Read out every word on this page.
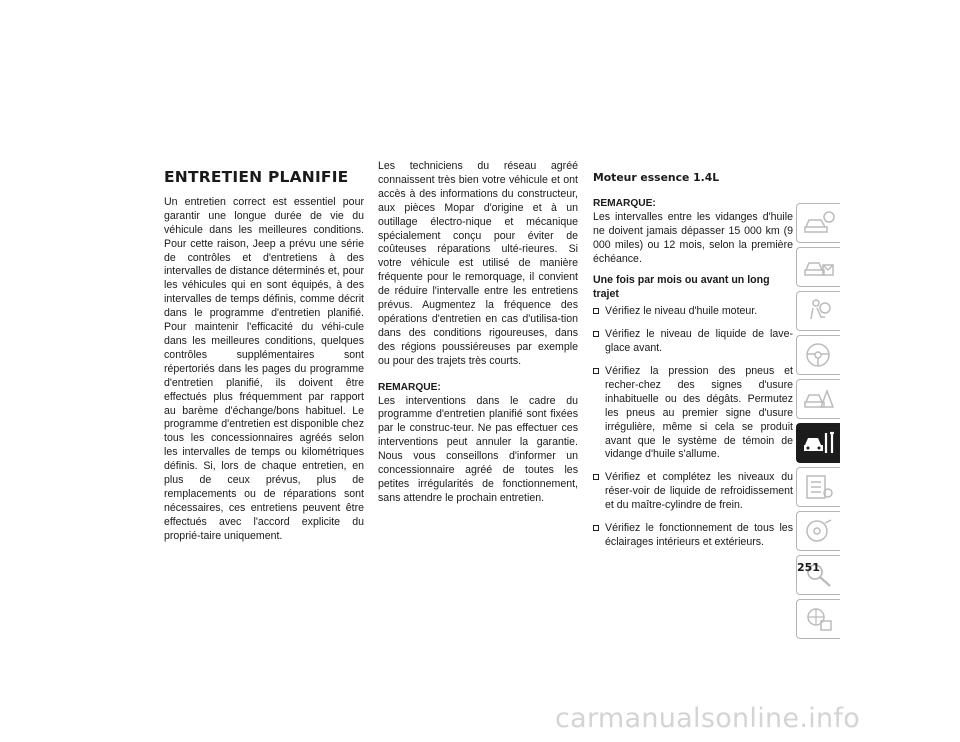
ENTRETIEN PLANIFIE

Un entretien correct est essentiel pour garantir une longue durée de vie du véhicule dans les meilleures conditions. Pour cette raison, Jeep a prévu une série de contrôles et d'entretiens à des intervalles de distance déterminés et, pour les véhicules qui en sont équipés, à des intervalles de temps définis, comme décrit dans le programme d'entretien planifié. Pour maintenir l'efficacité du véhi-cule dans les meilleures conditions, quelques contrôles supplémentaires sont répertoriés dans les pages du programme d'entretien planifié, ils doivent être effectués plus fréquemment par rapport au barème d'échange/bons habituel. Le programme d'entretien est disponible chez tous les concessionnaires agréés selon les intervalles de temps ou kilométriques définis. Si, lors de chaque entretien, en plus de ceux prévus, plus de remplacements ou de réparations sont nécessaires, ces entretiens peuvent être effectués avec l'accord explicite du proprié-taire uniquement.

Les techniciens du réseau agréé connaissent très bien votre véhicule et ont accès à des informations du constructeur, aux pièces Mopar d'origine et à un outillage électro-nique et mécanique spécialement conçu pour éviter de coûteuses réparations ulté-rieures. Si votre véhicule est utilisé de manière fréquente pour le remorquage, il convient de réduire l'intervalle entre les entretiens prévus. Augmentez la fréquence des opérations d'entretien en cas d'utilisa-tion dans des conditions rigoureuses, dans des régions poussiéreuses par exemple ou pour des trajets très courts.

REMARQUE:

Les interventions dans le cadre du programme d'entretien planifié sont fixées par le construc-teur. Ne pas effectuer ces interventions peut annuler la garantie. Nous vous conseillons d'informer un concessionnaire agréé de toutes les petites irrégularités de fonctionnement, sans attendre le prochain entretien.

Moteur essence 1.4L
REMARQUE:

Les intervalles entre les vidanges d'huile ne doivent jamais dépasser 15 000 km (9 000 miles) ou 12 mois, selon la première échéance.

Une fois par mois ou avant un long trajet

Vérifiez le niveau d'huile moteur.
Vérifiez le niveau de liquide de lave-glace avant.
Vérifiez la pression des pneus et recher-chez des signes d'usure inhabituelle ou des dégâts. Permutez les pneus au premier signe d'usure irrégulière, même si cela se produit avant que le système de témoin de vidange d'huile s'allume.
Vérifiez et complétez les niveaux du réser-voir de liquide de refroidissement et du maître-cylindre de frein.
Vérifiez le fonctionnement de tous les éclairages intérieurs et extérieurs.
251
carmanualsonline.info
